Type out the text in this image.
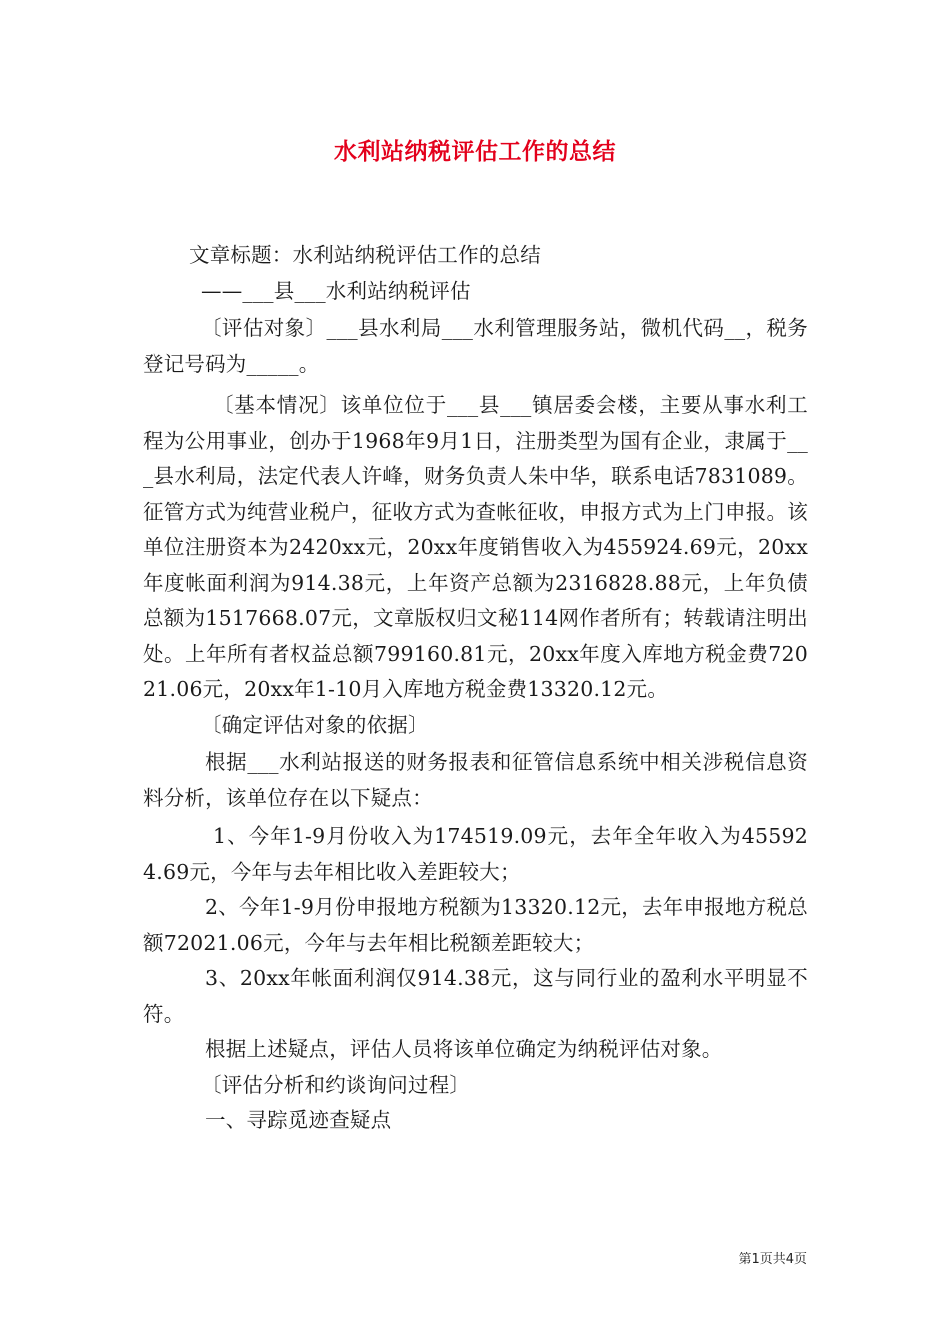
水利站纳税评估工作的总结

文章标题：水利站纳税评估工作的总结

——___县___水利站纳税评估

〔评估对象〕___县水利局___水利管理服务站，微机代码__，税务登记号码为_____。

〔基本情况〕该单位位于___县___镇居委会楼，主要从事水利工程为公用事业，创办于1968年9月1日，注册类型为国有企业，隶属于___县水利局，法定代表人许峰，财务负责人朱中华，联系电话7831089。征管方式为纯营业税户，征收方式为查帐征收，申报方式为上门申报。该单位注册资本为2420xx元，20xx年度销售收入为455924.69元，20xx年度帐面利润为914.38元，上年资产总额为2316828.88元，上年负债总额为1517668.07元，文章版权归文秘114网作者所有；转载请注明出处。上年所有者权益总额799160.81元，20xx年度入库地方税金费72021.06元，20xx年1-10月入库地方税金费13320.12元。

〔确定评估对象的依据〕

根据___水利站报送的财务报表和征管信息系统中相关涉税信息资料分析，该单位存在以下疑点：

1、今年1-9月份收入为174519.09元，去年全年收入为455924.69元，今年与去年相比收入差距较大；

2、今年1-9月份申报地方税额为13320.12元，去年申报地方税总额72021.06元，今年与去年相比税额差距较大；

3、20xx年帐面利润仅914.38元，这与同行业的盈利水平明显不符。

根据上述疑点，评估人员将该单位确定为纳税评估对象。

〔评估分析和约谈询问过程〕

一、寻踪觅迹查疑点

第1页共4页
